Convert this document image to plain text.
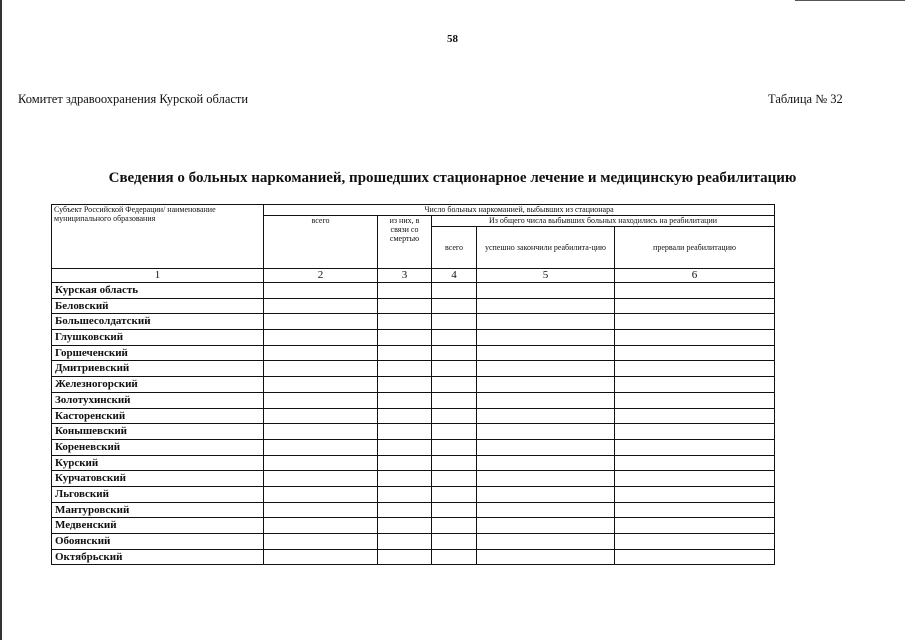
58
Комитет здравоохранения Курской области	Таблица № 32
Сведения о больных наркоманией, прошедших стационарное лечение и медицинскую реабилитацию
Субъект Российской Федерации/ наименование муниципального образования	Число больных наркоманией, выбывших из стационара				
	всего	из них, в связи со смертью	Из общего числа выбывших больных находились на реабилитации		
			всего	успешно закончили реабилита-цию	прервали реабилитацию
1	2	3	4	5	6
Курская область					
Беловский					
Большесолдатский					
Глушковский					
Горшеченский					
Дмитриевский					
Железногорский					
Золотухинский					
Касторенский					
Конышевский					
Кореневский					
Курский					
Курчатовский					
Льговский					
Мантуровский					
Медвенский					
Обоянский					
Октябрьский					
